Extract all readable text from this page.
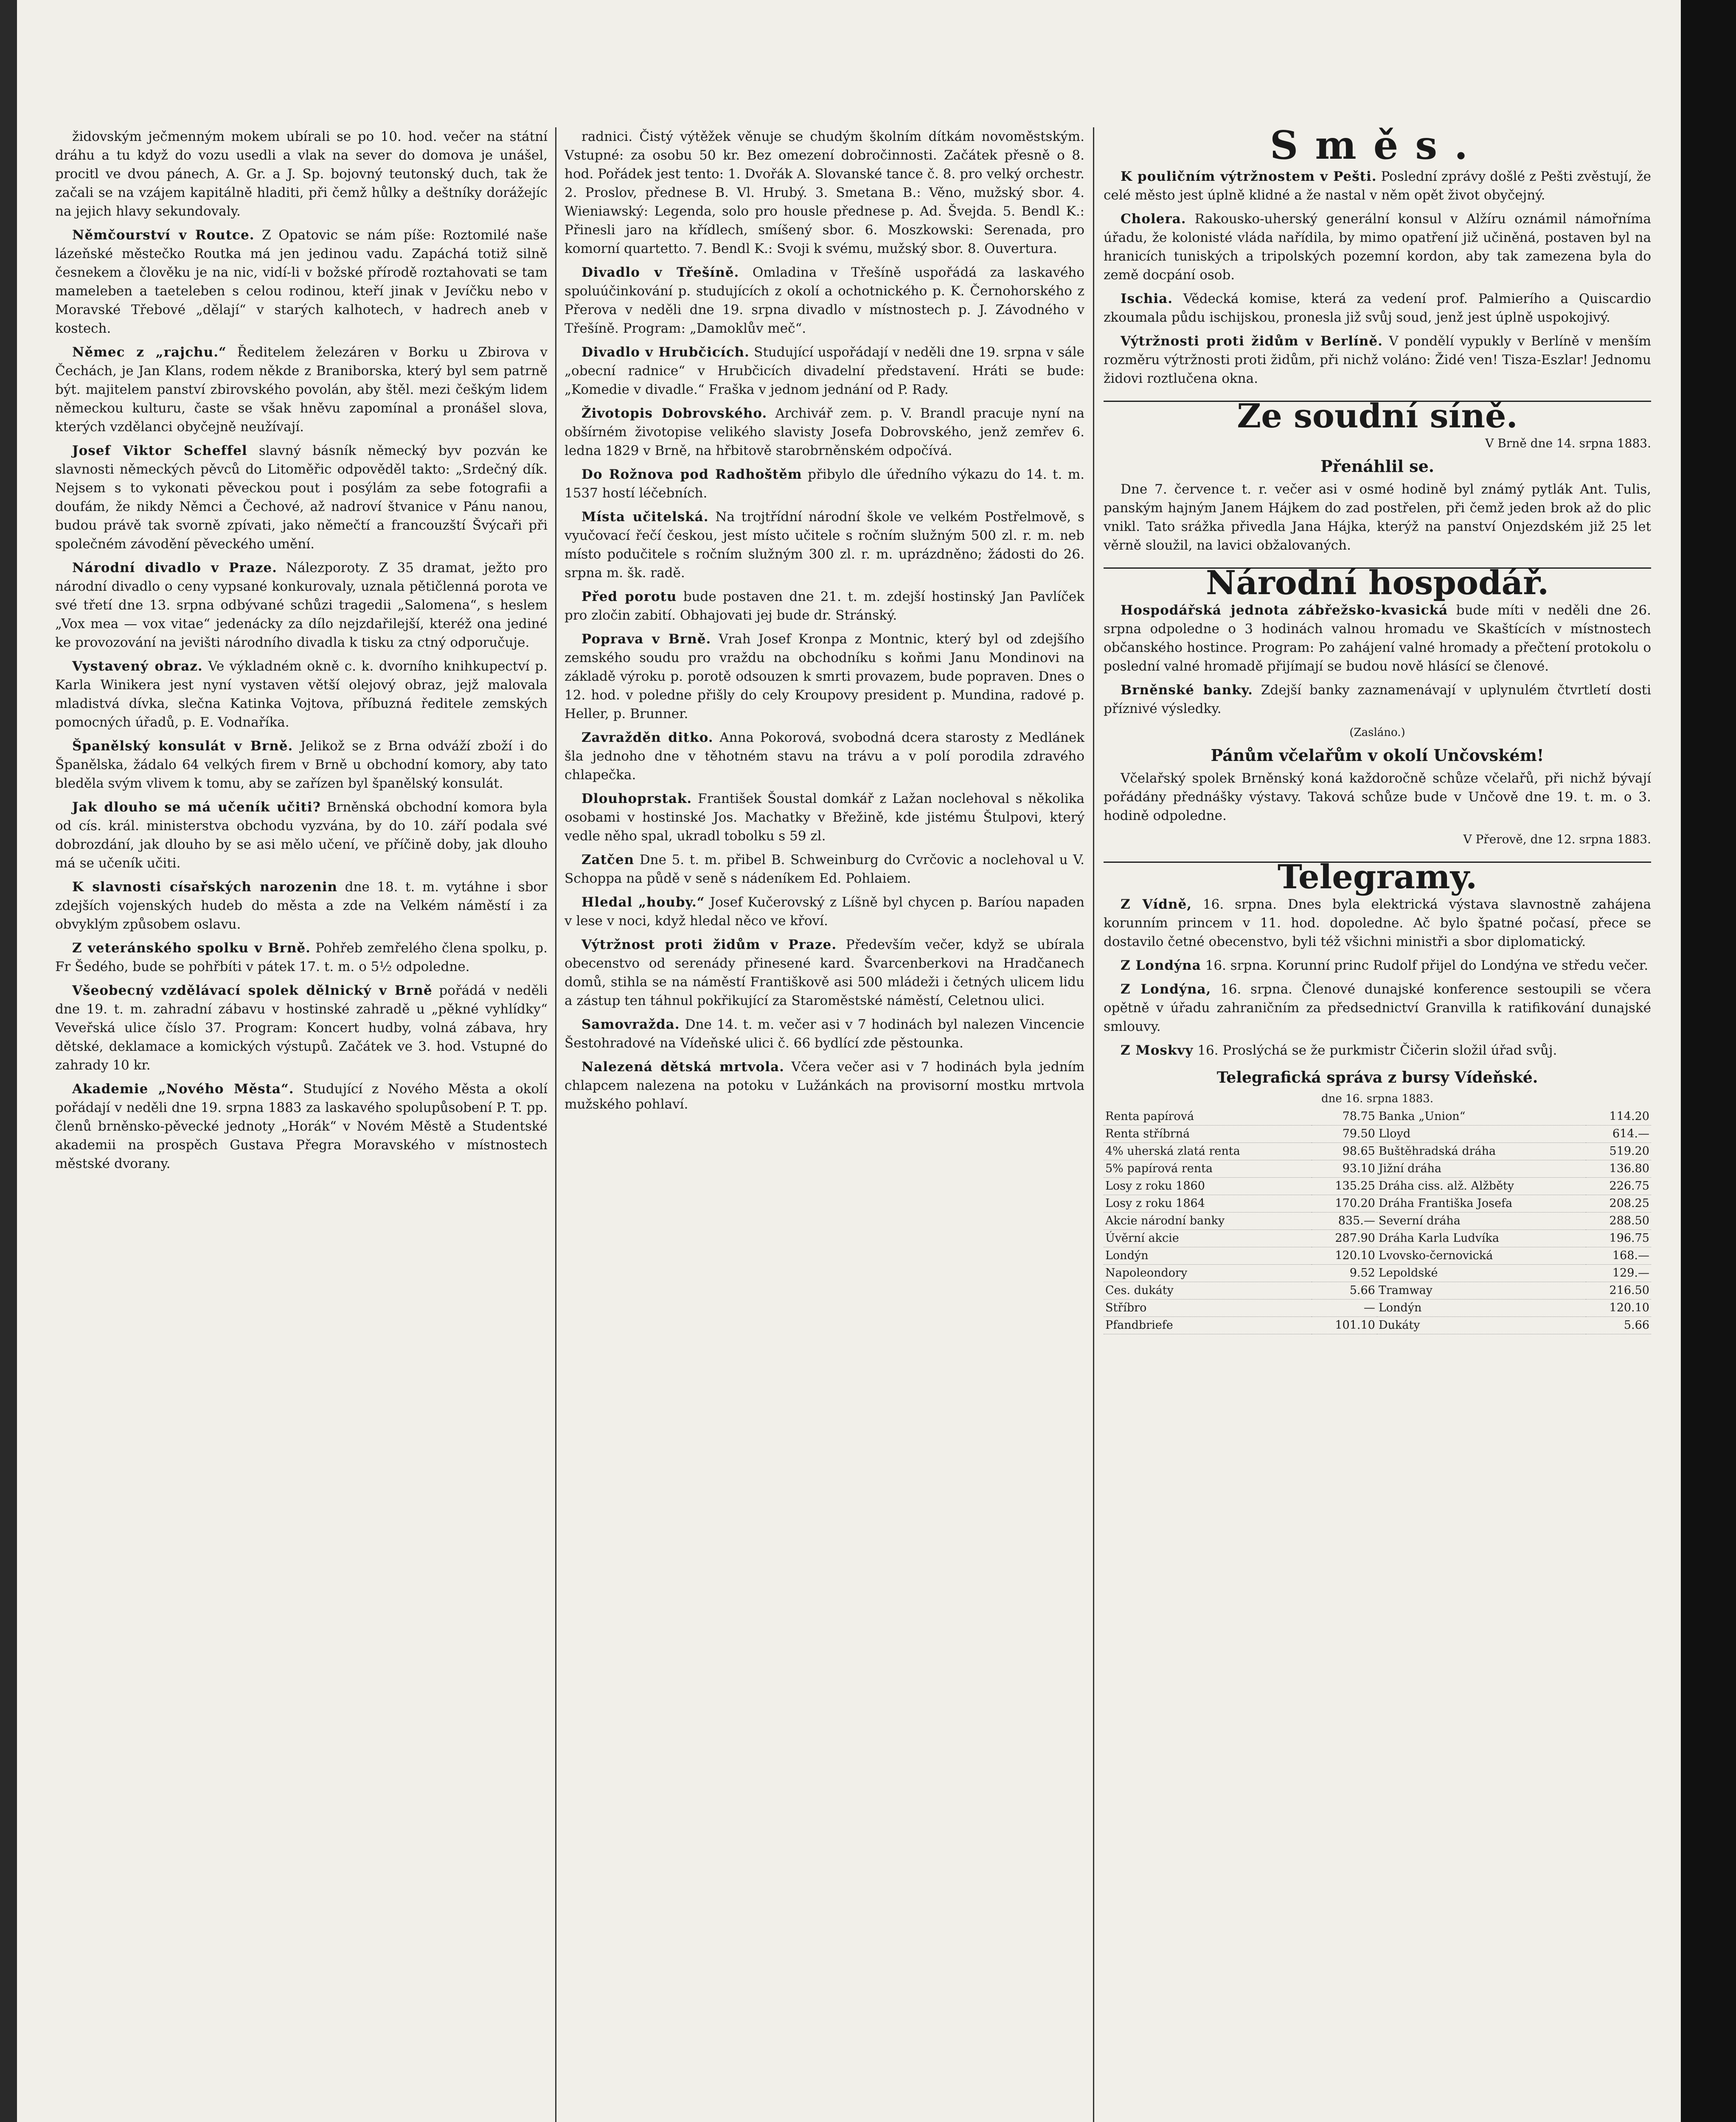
židovským ječmenným mokem ubírali se po 10. hod. večer na státní dráhu a tu když do vozu usedli a vlak na sever do domova je unášel, procitl ve dvou pánech, A. Gr. a J. Sp. bojovný teutonský duch, tak že začali se na vzájem kapitálně hladiti, při čemž hůlky a deštníky dorážejíc na jejich hlavy sekundovaly.

Němčourství v Routce. Z Opatovic se nám píše: Roztomilé naše lázeňské městečko Routka má jen jedinou vadu. Zapáchá totiž silně česnekem a člověku je na nic, vidí-li v božské přírodě roztahovati se tam mameleben a taeteleben s celou rodinou, kteří jinak v Jevíčku nebo v Moravské Třebové „dělají“ v starých kalhotech, v hadrech aneb v kostech.

Němec z „rajchu.“ Ředitelem železáren v Borku u Zbirova v Čechách, je Jan Klans, rodem někde z Braniborska, který byl sem patrně být. majitelem panství zbirovského povolán, aby štěl. mezi češkým lidem německou kulturu, časte se však hněvu zapomínal a pronášel slova, kterých vzdělanci obyčejně neužívají.

Josef Viktor Scheffel slavný básník německý byv pozván ke slavnosti německých pěvců do Litoměřic odpověděl takto: „Srdečný dík. Nejsem s to vykonati pěveckou pout i posýlám za sebe fotografii a doufám, že nikdy Němci a Čechové, až nadroví štvanice v Pánu nanou, budou právě tak svorně zpívati, jako němečtí a francouzští Švýcaři při společném závodění pěveckého umění.

Národní divadlo v Praze. Nálezporoty. Z 35 dramat, ježto pro národní divadlo o ceny vypsané konkurovaly, uznala pětičlenná porota ve své třetí dne 13. srpna odbývané schůzi tragedii „Salomena“, s heslem „Vox mea — vox vitae“ jedenácky za dílo nejzdařilejší, kteréž ona jediné ke provozování na jevišti národního divadla k tisku za ctný odporučuje.

Vystavený obraz. Ve výkladném okně c. k. dvorního knihkupectví p. Karla Winikera jest nyní vystaven větší olejový obraz, jejž malovala mladistvá dívka, slečna Katinka Vojtova, příbuzná ředitele zemských pomocných úřadů, p. E. Vodnaříka.

Španělský konsulát v Brně. Jelikož se z Brna odváží zboží i do Španělska, žádalo 64 velkých firem v Brně u obchodní komory, aby tato bleděla svým vlivem k tomu, aby se zařízen byl španělský konsulát.

Jak dlouho se má učeník učiti? Brněnská obchodní komora byla od cís. král. ministerstva obchodu vyzvána, by do 10. září podala své dobrozdání, jak dlouho by se asi mělo učení, ve příčině doby, jak dlouho má se učeník učiti.

K slavnosti císařských narozenin dne 18. t. m. vytáhne i sbor zdejších vojenských hudeb do města a zde na Velkém náměstí i za obvyklým způsobem oslavu.

Z veteránského spolku v Brně. Pohřeb zemřelého člena spolku, p. Fr Šedého, bude se pohřbíti v pátek 17. t. m. o 5½ odpoledne.

Všeobecný vzdělávací spolek dělnický v Brně pořádá v neděli dne 19. t. m. zahradní zábavu v hostinské zahradě u „pěkné vyhlídky“ Veveřská ulice číslo 37. Program: Koncert hudby, volná zábava, hry dětské, deklamace a komických výstupů. Začátek ve 3. hod. Vstupné do zahrady 10 kr.

Akademie „Nového Města“. Studující z Nového Města a okolí pořádají v neděli dne 19. srpna 1883 za laskavého spolupůsobení P. T. pp. členů brněnsko-pěvecké jednoty „Horák“ v Novém Městě a Studentské akademii na prospěch Gustava Přegra Moravského v místnostech městské dvorany.

radnici. Čistý výtěžek věnuje se chudým školním dítkám novoměstským. Vstupné: za osobu 50 kr. Bez omezení dobročinnosti. Začátek přesně o 8. hod. Pořádek jest tento: 1. Dvořák A. Slovanské tance č. 8. pro velký orchestr. 2. Proslov, přednese B. Vl. Hrubý. 3. Smetana B.: Věno, mužský sbor. 4. Wieniawský: Legenda, solo pro housle přednese p. Ad. Švejda. 5. Bendl K.: Přinesli jaro na křídlech, smíšený sbor. 6. Moszkowski: Serenada, pro komorní quartetto. 7. Bendl K.: Svoji k svému, mužský sbor. 8. Ouvertura.

Divadlo v Třešíně. Omladina v Třešíně uspořádá za laskavého spoluúčinkování p. studujících z okolí a ochotnického p. K. Černohorského z Přerova v neděli dne 19. srpna divadlo v místnostech p. J. Závodného v Třešíně. Program: „Damoklův meč“.

Divadlo v Hrubčicích. Studující uspořádají v neděli dne 19. srpna v sále „obecní radnice“ v Hrubčicích divadelní představení. Hráti se bude: „Komedie v divadle.“ Fraška v jednom jednání od P. Rady.

Životopis Dobrovského. Archivář zem. p. V. Brandl pracuje nyní na obšírném životopise velikého slavisty Josefa Dobrovského, jenž zemřev 6. ledna 1829 v Brně, na hřbitově starobrněnském odpočívá.

Do Rožnova pod Radhoštěm přibylo dle úředního výkazu do 14. t. m. 1537 hostí léčebních.

Místa učitelská. Na trojtřídní národní škole ve velkém Postřelmově, s vyučovací řečí českou, jest místo učitele s ročním služným 500 zl. r. m. neb místo podučitele s ročním služným 300 zl. r. m. uprázdněno; žádosti do 26. srpna m. šk. radě.

Před porotu bude postaven dne 21. t. m. zdejší hostinský Jan Pavlíček pro zločin zabití. Obhajovati jej bude dr. Stránský.

Poprava v Brně. Vrah Josef Kronpa z Montnic, který byl od zdejšího zemského soudu pro vraždu na obchodníku s koňmi Janu Mondinovi na základě výroku p. porotě odsouzen k smrti provazem, bude popraven. Dnes o 12. hod. v poledne přišly do cely Kroupovy president p. Mundina, radové p. Heller, p. Brunner.

Zavražděn ditko. Anna Pokorová, svobodná dcera starosty z Medlánek šla jednoho dne v těhotném stavu na trávu a v polí porodila zdravého chlapečka.

Dlouhoprstak. František Šoustal domkář z Lažan noclehoval s několika osobami v hostinské Jos. Machatky v Břežině, kde jistému Štulpovi, který vedle něho spal, ukradl tobolku s 59 zl.

Zatčen Dne 5. t. m. přibel B. Schweinburg do Cvrčovic a noclehoval u V. Schoppa na půdě v seně s nádeníkem Ed. Pohlaiem.

Hledal „houby.“ Josef Kučerovský z Líšně byl chycen p. Baríou napaden v lese v noci, když hledal něco ve křoví.

Výtržnost proti židům v Praze. Především večer, když se ubírala obecenstvo od serenády přinesené kard. Švarcenberkovi na Hradčanech domů, stihla se na náměstí Františkově asi 500 mládeži i četných ulicem lidu a zástup ten táhnul pokřikující za Staroměstské náměstí, Celetnou ulici.

Samovražda. Dne 14. t. m. večer asi v 7 hodinách byl nalezen Vincencie Šestohradové na Vídeňské ulici č. 66 bydlící zde pěstounka.

Nalezená dětská mrtvola. Včera večer asi v 7 hodinách byla jedním chlapcem nalezena na potoku v Lužánkách na provisorní mostku mrtvola mužského pohlaví.

Směs.

K pouličním výtržnostem v Pešti. Poslední zprávy došlé z Pešti zvěstují, že celé město jest úplně klidné a že nastal v něm opět život obyčejný.

Cholera. Rakousko-uherský generální konsul v Alžíru oznámil námořníma úřadu, že kolonisté vláda nařídila, by mimo opatření již učiněná, postaven byl na hranicích tuniských a tripolských pozemní kordon, aby tak zamezena byla do země docpání osob.

Ischia. Vědecká komise, která za vedení prof. Palmierího a Quiscardio zkoumala půdu ischijskou, pronesla již svůj soud, jenž jest úplně uspokojivý.

Výtržnosti proti židům v Berlíně. V pondělí vypukly v Berlíně v menším rozměru výtržnosti proti židům, při nichž voláno: Židé ven! Tisza-Eszlar! Jednomu židovi roztlučena okna.

Ze soudní síně.
V Brně dne 14. srpna 1883.
Přenáhlil se.

Dne 7. července t. r. večer asi v osmé hodině byl známý pytlák Ant. Tulis, panským hajným Janem Hájkem do zad postřelen, při čemž jeden brok až do plic vnikl. Tato srážka přivedla Jana Hájka, kterýž na panství Onjezdském již 25 let věrně sloužil, na lavici obžalovaných.

Národní hospodář.

Hospodářská jednota zábřežsko-kvasická bude míti v neděli dne 26. srpna odpoledne o 3 hodinách valnou hromadu ve Skaštících v místnostech občanského hostince. Program: Po zahájení valné hromady a přečtení protokolu o poslední valné hromadě přijímají se budou nově hlásící se členové.

Brněnské banky. Zdejší banky zaznamenávají v uplynulém čtvrtletí dosti příznivé výsledky.

(Zasláno.)
Pánům včelařům v okolí Unčovském!

Včelařský spolek Brněnský koná každoročně schůze včelařů, při nichž bývají pořádány přednášky výstavy. Taková schůze bude v Unčově dne 19. t. m. o 3. hodině odpoledne.

V Přerově, dne 12. srpna 1883.
Telegramy.

Z Vídně, 16. srpna. Dnes byla elektrická výstava slavnostně zahájena korunním princem v 11. hod. dopoledne. Ač bylo špatné počasí, přece se dostavilo četné obecenstvo, byli též všichni ministři a sbor diplomatický.

Z Londýna 16. srpna. Korunní princ Rudolf přijel do Londýna ve středu večer.

Z Londýna, 16. srpna. Členové dunajské konference sestoupili se včera opětně v úřadu zahraničním za předsednictví Granvilla k ratifikování dunajské smlouvy.

Z Moskvy 16. Proslýchá se že purkmistr Čičerin složil úřad svůj.

Telegrafická správa z bursy Vídeňské.
dne 16. srpna 1883.
Renta papírová	78.75	Banka „Union“	114.20
Renta stříbrná	79.50	Lloyd	614.—
4% uherská zlatá renta	98.65	Buštěhradská dráha	519.20
5% papírová renta	93.10	Jižní dráha	136.80
Losy z roku 1860	135.25	Dráha ciss. alž. Alžběty	226.75
Losy z roku 1864	170.20	Dráha Františka Josefa	208.25
Akcie národní banky	835.—	Severní dráha	288.50
Úvěrní akcie	287.90	Dráha Karla Ludvíka	196.75
Londýn	120.10	Lvovsko-černovická	168.—
Napoleondory	9.52	Lepoldské	129.—
Ces. dukáty	5.66	Tramway	216.50
Stříbro	—	Londýn	120.10
Pfandbriefe	101.10	Dukáty	5.66
